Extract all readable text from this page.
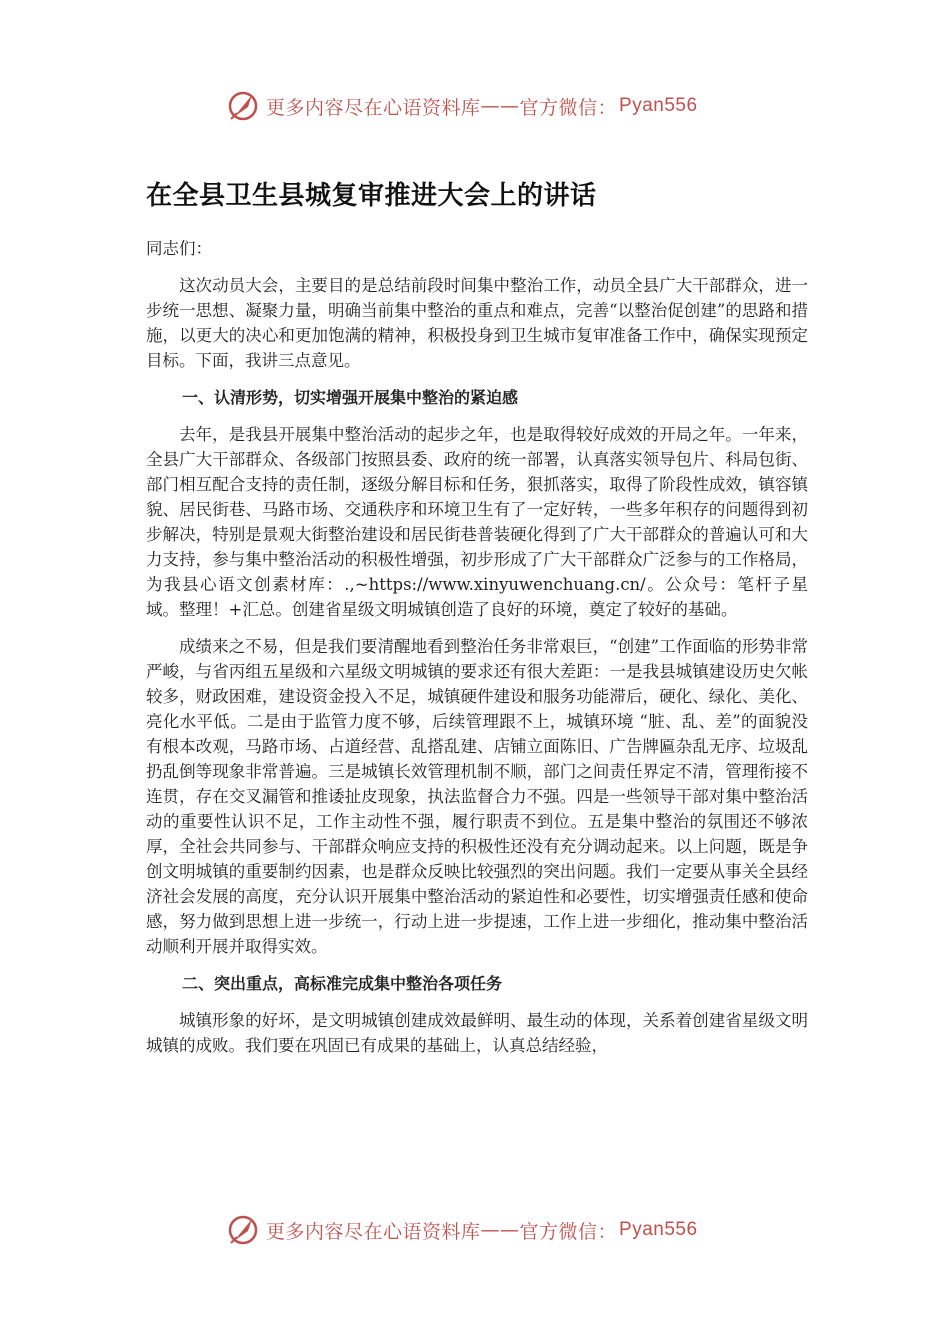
更多内容尽在心语资料库 —— 官方微信： Pyan556
在全县卫生县城复审推进大会上的讲话
同志们：

这次动员大会，主要目的是总结前段时间集中整治工作，动员全县广大干部群众，进一步统一思想、凝聚力量，明确当前集中整治的重点和难点，完善“以整治促创建”的思路和措施，以更大的决心和更加饱满的精神，积极投身到卫生城市复审准备工作中，确保实现预定目标。下面，我讲三点意见。

一、认清形势，切实增强开展集中整治的紧迫感

去年，是我县开展集中整治活动的起步之年，也是取得较好成效的开局之年。一年来，全县广大干部群众、各级部门按照县委、政府的统一部署，认真落实领导包片、科局包街、部门相互配合支持的责任制，逐级分解目标和任务，狠抓落实，取得了阶段性成效，镇容镇貌、居民街巷、马路市场、交通秩序和环境卫生有了一定好转，一些多年积存的问题得到初步解决，特别是景观大街整治建设和居民街巷普装硬化得到了广大干部群众的普遍认可和大力支持，参与集中整治活动的积极性增强，初步形成了广大干部群众广泛参与的工作格局，为我县心语文创素材库：.,~https://www.xinyuwenchuang.cn/。公众号：笔杆子星域。整理！+汇总。创建省星级文明城镇创造了良好的环境，奠定了较好的基础。

成绩来之不易，但是我们要清醒地看到整治任务非常艰巨，“创建”工作面临的形势非常严峻，与省丙组五星级和六星级文明城镇的要求还有很大差距：一是我县城镇建设历史欠帐较多，财政困难，建设资金投入不足，城镇硬件建设和服务功能滞后，硬化、绿化、美化、亮化水平低。二是由于监管力度不够，后续管理跟不上，城镇环境 “脏、乱、差”的面貌没有根本改观，马路市场、占道经营、乱搭乱建、店铺立面陈旧、广告牌匾杂乱无序、垃圾乱扔乱倒等现象非常普遍。三是城镇长效管理机制不顺，部门之间责任界定不清，管理衔接不连贯，存在交叉漏管和推诿扯皮现象，执法监督合力不强。四是一些领导干部对集中整治活动的重要性认识不足，工作主动性不强，履行职责不到位。五是集中整治的氛围还不够浓厚，全社会共同参与、干部群众响应支持的积极性还没有充分调动起来。以上问题，既是争创文明城镇的重要制约因素，也是群众反映比较强烈的突出问题。我们一定要从事关全县经济社会发展的高度，充分认识开展集中整治活动的紧迫性和必要性，切实增强责任感和使命感，努力做到思想上进一步统一，行动上进一步提速，工作上进一步细化，推动集中整治活动顺利开展并取得实效。

二、突出重点，高标准完成集中整治各项任务

城镇形象的好坏，是文明城镇创建成效最鲜明、最生动的体现，关系着创建省星级文明城镇的成败。我们要在巩固已有成果的基础上，认真总结经验，

更多内容尽在心语资料库 —— 官方微信： Pyan556
